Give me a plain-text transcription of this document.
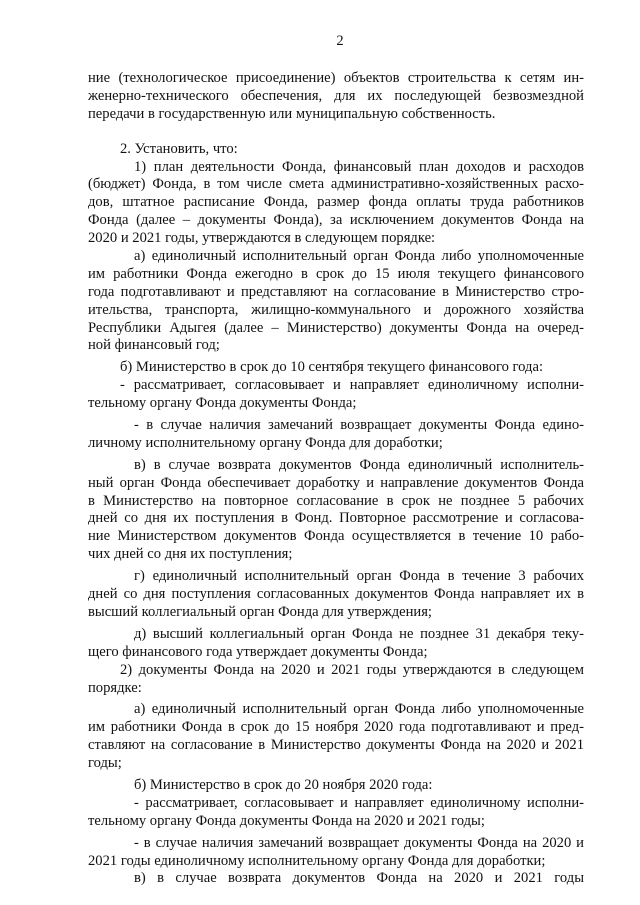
2

ние (технологическое присоединение) объектов строительства к сетям ин-

женерно-технического обеспечения, для их последующей безвозмездной

передачи в государственную или муниципальную собственность.

2. Установить, что:

1) план деятельности Фонда, финансовый план доходов и расходов

(бюджет) Фонда, в том числе смета административно-хозяйственных расхо-

дов, штатное расписание Фонда, размер фонда оплаты труда работников

Фонда (далее – документы Фонда), за исключением документов Фонда на

2020 и 2021 годы, утверждаются в следующем порядке:

а) единоличный исполнительный орган Фонда либо уполномоченные

им работники Фонда ежегодно в срок до 15 июля текущего финансового

года подготавливают и представляют на согласование в Министерство стро-

ительства, транспорта, жилищно-коммунального и дорожного хозяйства

Республики Адыгея (далее – Министерство) документы Фонда на очеред-

ной финансовый год;

б) Министерство в срок до 10 сентября текущего финансового года:

- рассматривает, согласовывает и направляет единоличному исполни-

тельному органу Фонда документы Фонда;

- в случае наличия замечаний возвращает документы Фонда едино-

личному исполнительному органу Фонда для доработки;

в) в случае возврата документов Фонда единоличный исполнитель-

ный орган Фонда обеспечивает доработку и направление документов Фонда

в Министерство на повторное согласование в срок не позднее 5 рабочих

дней со дня их поступления в Фонд. Повторное рассмотрение и согласова-

ние Министерством документов Фонда осуществляется в течение 10 рабо-

чих дней со дня их поступления;

г) единоличный исполнительный орган Фонда в течение 3 рабочих

дней со дня поступления согласованных документов Фонда направляет их в

высший коллегиальный орган Фонда для утверждения;

д) высший коллегиальный орган Фонда не позднее 31 декабря теку-

щего финансового года утверждает документы Фонда;

2) документы Фонда на 2020 и 2021 годы утверждаются в следующем

порядке:

а) единоличный исполнительный орган Фонда либо уполномоченные

им работники Фонда в срок до 15 ноября 2020 года подготавливают и пред-

ставляют на согласование в Министерство документы Фонда на 2020 и 2021

годы;

б) Министерство в срок до 20 ноября 2020 года:

- рассматривает, согласовывает и направляет единоличному исполни-

тельному органу Фонда документы Фонда на 2020 и 2021 годы;

- в случае наличия замечаний возвращает документы Фонда на 2020 и

2021 годы единоличному исполнительному органу Фонда для доработки;

в) в случае возврата документов Фонда на 2020 и 2021 годы
